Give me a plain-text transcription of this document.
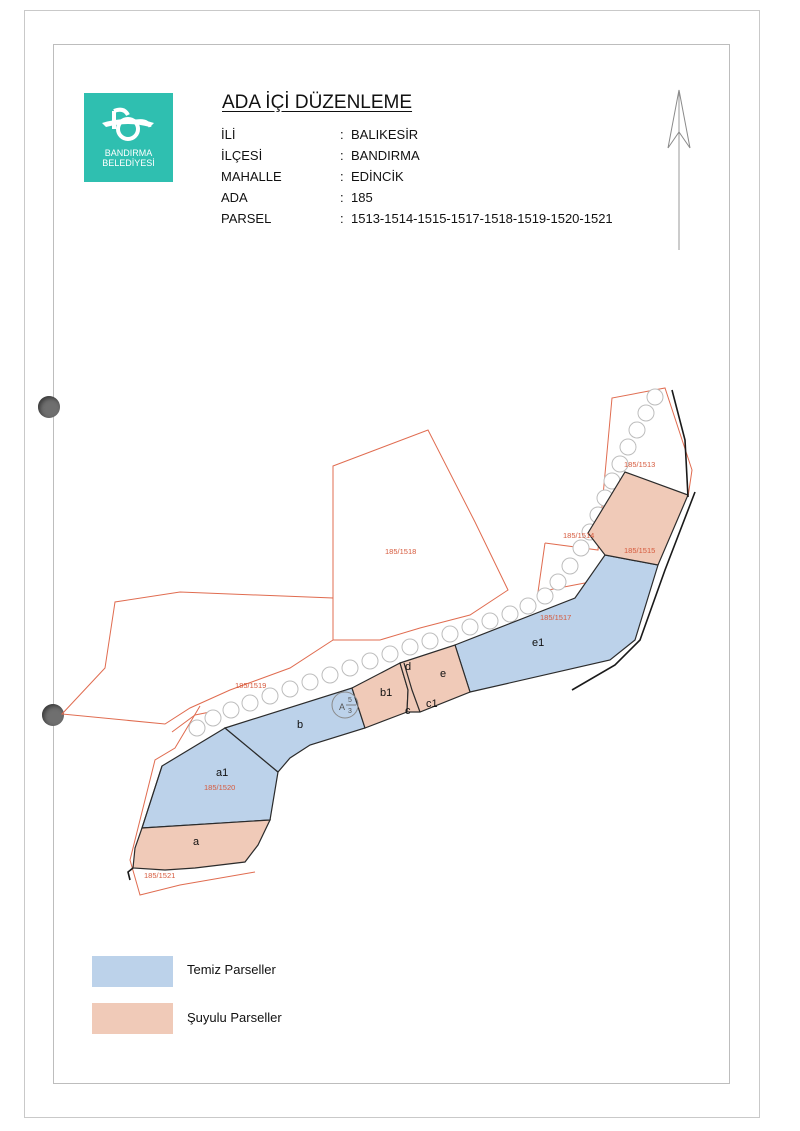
BANDIRMA
BELEDİYESİ
ADA İÇİ DÜZENLEME
İLİ	: BALIKESİR
İLÇESİ	: BANDIRMA
MAHALLE	: EDİNCİK
ADA	: 185
PARSEL	: 1513-1514-1515-1517-1518-1519-1520-1521
A
5
3
185/1518
185/1519
185/1520
185/1521
185/1517
185/1514
185/1515
185/1513
a1
a
b
b1
c
c1
d
e
e1
Temiz Parseller
Şuyulu Parseller
